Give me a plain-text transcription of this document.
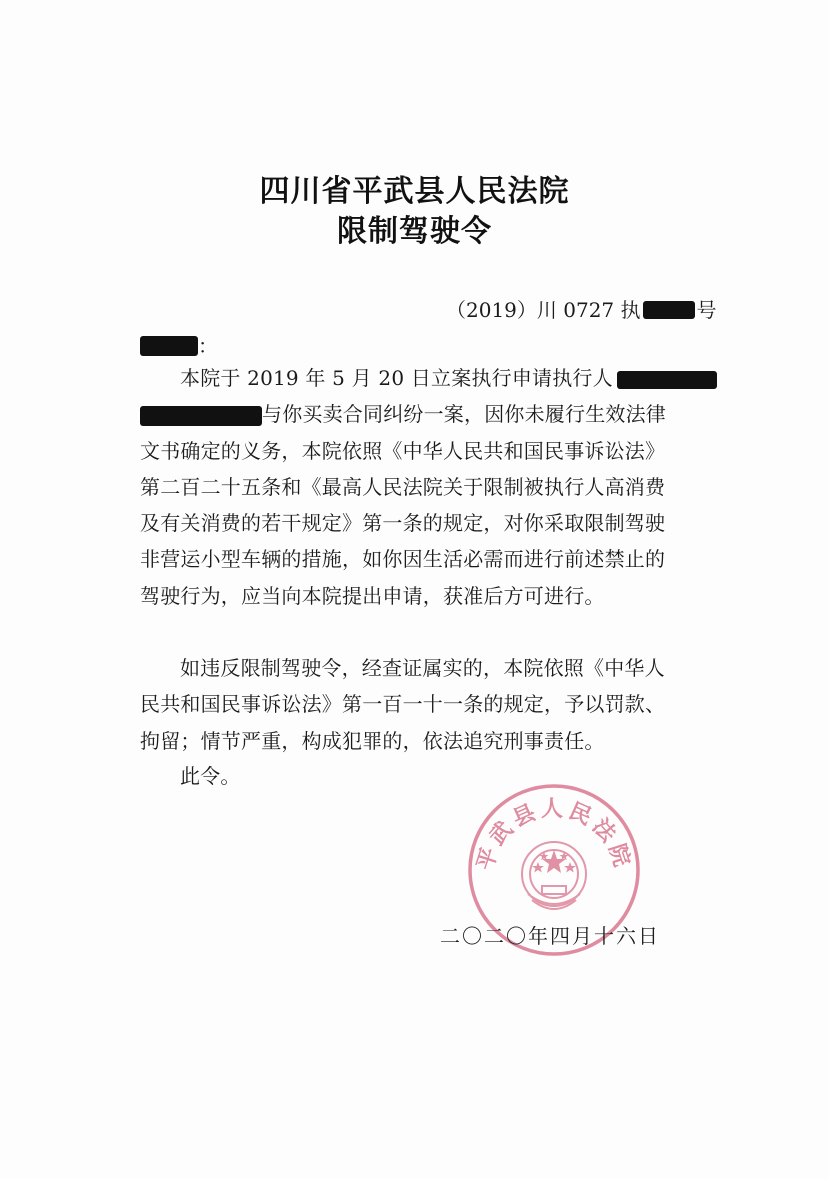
四川省平武县人民法院
限制驾驶令
（2019）川 0727 执	号
：
本院于 2019 年 5 月 20 日立案执行申请执行人
与你买卖合同纠纷一案，因你未履行生效法律
文书确定的义务，本院依照《中华人民共和国民事诉讼法》
第二百二十五条和《最高人民法院关于限制被执行人高消费
及有关消费的若干规定》第一条的规定，对你采取限制驾驶
非营运小型车辆的措施，如你因生活必需而进行前述禁止的
驾驶行为，应当向本院提出申请，获准后方可进行。
如违反限制驾驶令，经查证属实的，本院依照《中华人
民共和国民事诉讼法》第一百一十一条的规定，予以罚款、
拘留；情节严重，构成犯罪的，依法追究刑事责任。
此令。
平武县人民法院
二〇二〇年四月十六日
